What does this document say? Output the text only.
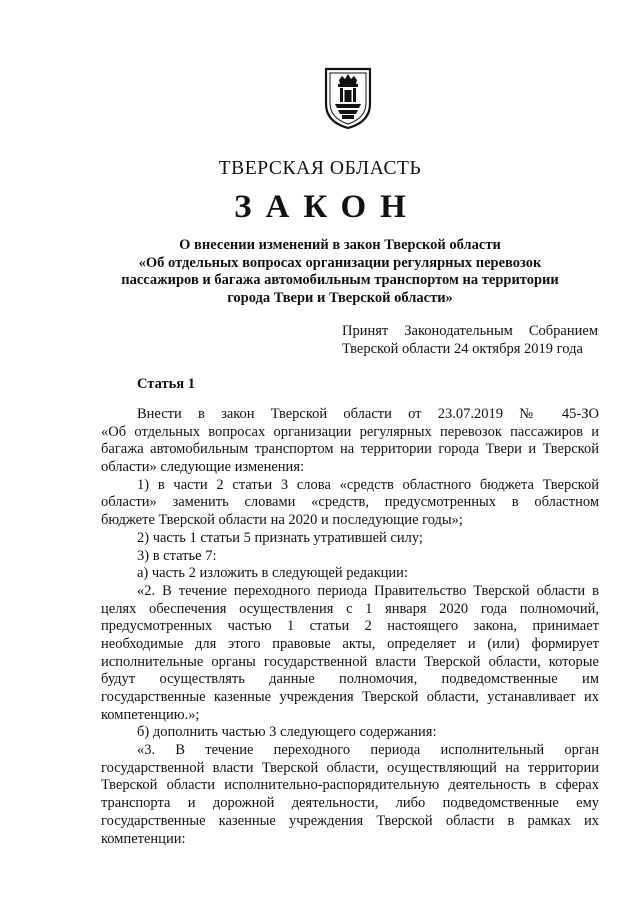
ТВЕРСКАЯ ОБЛАСТЬ
ЗАКОН
О внесении изменений в закон Тверской области
«Об отдельных вопросах организации регулярных перевозок
пассажиров и багажа автомобильным транспортом на территории
города Твери и Тверской области»
Принят Законодательным Собранием
Тверской области 24 октября 2019 года
Статья 1
Внести в закон Тверской области от 23.07.2019 № 45-ЗО
«Об отдельных вопросах организации регулярных перевозок пассажиров и
багажа автомобильным транспортом на территории города Твери и Тверской
области» следующие изменения:
1) в части 2 статьи 3 слова «средств областного бюджета Тверской
области» заменить словами «средств, предусмотренных в областном
бюджете Тверской области на 2020 и последующие годы»;
2) часть 1 статьи 5 признать утратившей силу;
3) в статье 7:
а) часть 2 изложить в следующей редакции:
«2. В течение переходного периода Правительство Тверской области в
целях обеспечения осуществления с 1 января 2020 года полномочий,
предусмотренных частью 1 статьи 2 настоящего закона, принимает
необходимые для этого правовые акты, определяет и (или) формирует
исполнительные органы государственной власти Тверской области, которые
будут осуществлять данные полномочия, подведомственные им
государственные казенные учреждения Тверской области, устанавливает их
компетенцию.»;
б) дополнить частью 3 следующего содержания:
«3. В течение переходного периода исполнительный орган
государственной власти Тверской области, осуществляющий на территории
Тверской области исполнительно-распорядительную деятельность в сферах
транспорта и дорожной деятельности, либо подведомственные ему
государственные казенные учреждения Тверской области в рамках их
компетенции:
